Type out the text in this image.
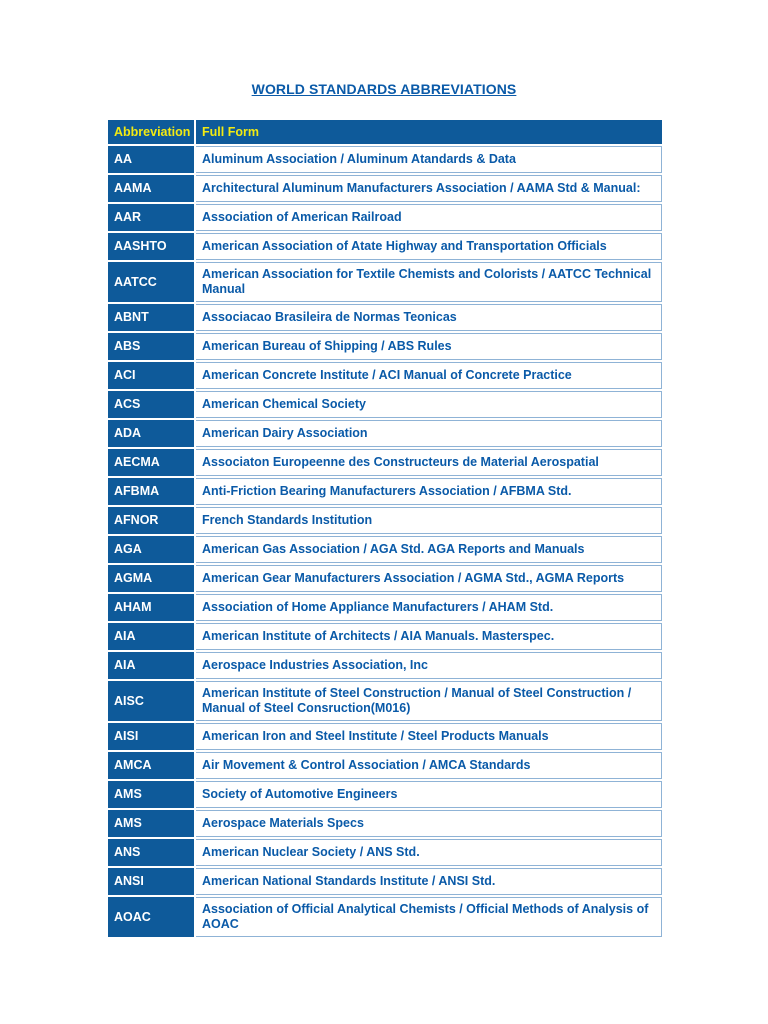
WORLD STANDARDS ABBREVIATIONS
Abbreviation	Full Form
AA	Aluminum Association / Aluminum Atandards & Data
AAMA	Architectural Aluminum Manufacturers Association / AAMA Std & Manual:
AAR	Association of American Railroad
AASHTO	American Association of Atate Highway and Transportation Officials
AATCC	American Association for Textile Chemists and Colorists / AATCC Technical Manual
ABNT	Associacao Brasileira de Normas Teonicas
ABS	American Bureau of Shipping / ABS Rules
ACI	American Concrete Institute / ACI Manual of Concrete Practice
ACS	American Chemical Society
ADA	American Dairy Association
AECMA	Associaton Europeenne des Constructeurs de Material Aerospatial
AFBMA	Anti-Friction Bearing Manufacturers Association / AFBMA Std.
AFNOR	French Standards Institution
AGA	American Gas Association / AGA Std. AGA Reports and Manuals
AGMA	American Gear Manufacturers Association / AGMA Std., AGMA Reports
AHAM	Association of Home Appliance Manufacturers / AHAM Std.
AIA	American Institute of Architects / AIA Manuals. Masterspec.
AIA	Aerospace Industries Association, Inc
AISC	American Institute of Steel Construction / Manual of Steel Construction / Manual of Steel Consruction(M016)
AISI	American Iron and Steel Institute / Steel Products Manuals
AMCA	Air Movement & Control Association / AMCA Standards
AMS	Society of Automotive Engineers
AMS	Aerospace Materials Specs
ANS	American Nuclear Society / ANS Std.
ANSI	American National Standards Institute / ANSI Std.
AOAC	Association of Official Analytical Chemists / Official Methods of Analysis of AOAC
